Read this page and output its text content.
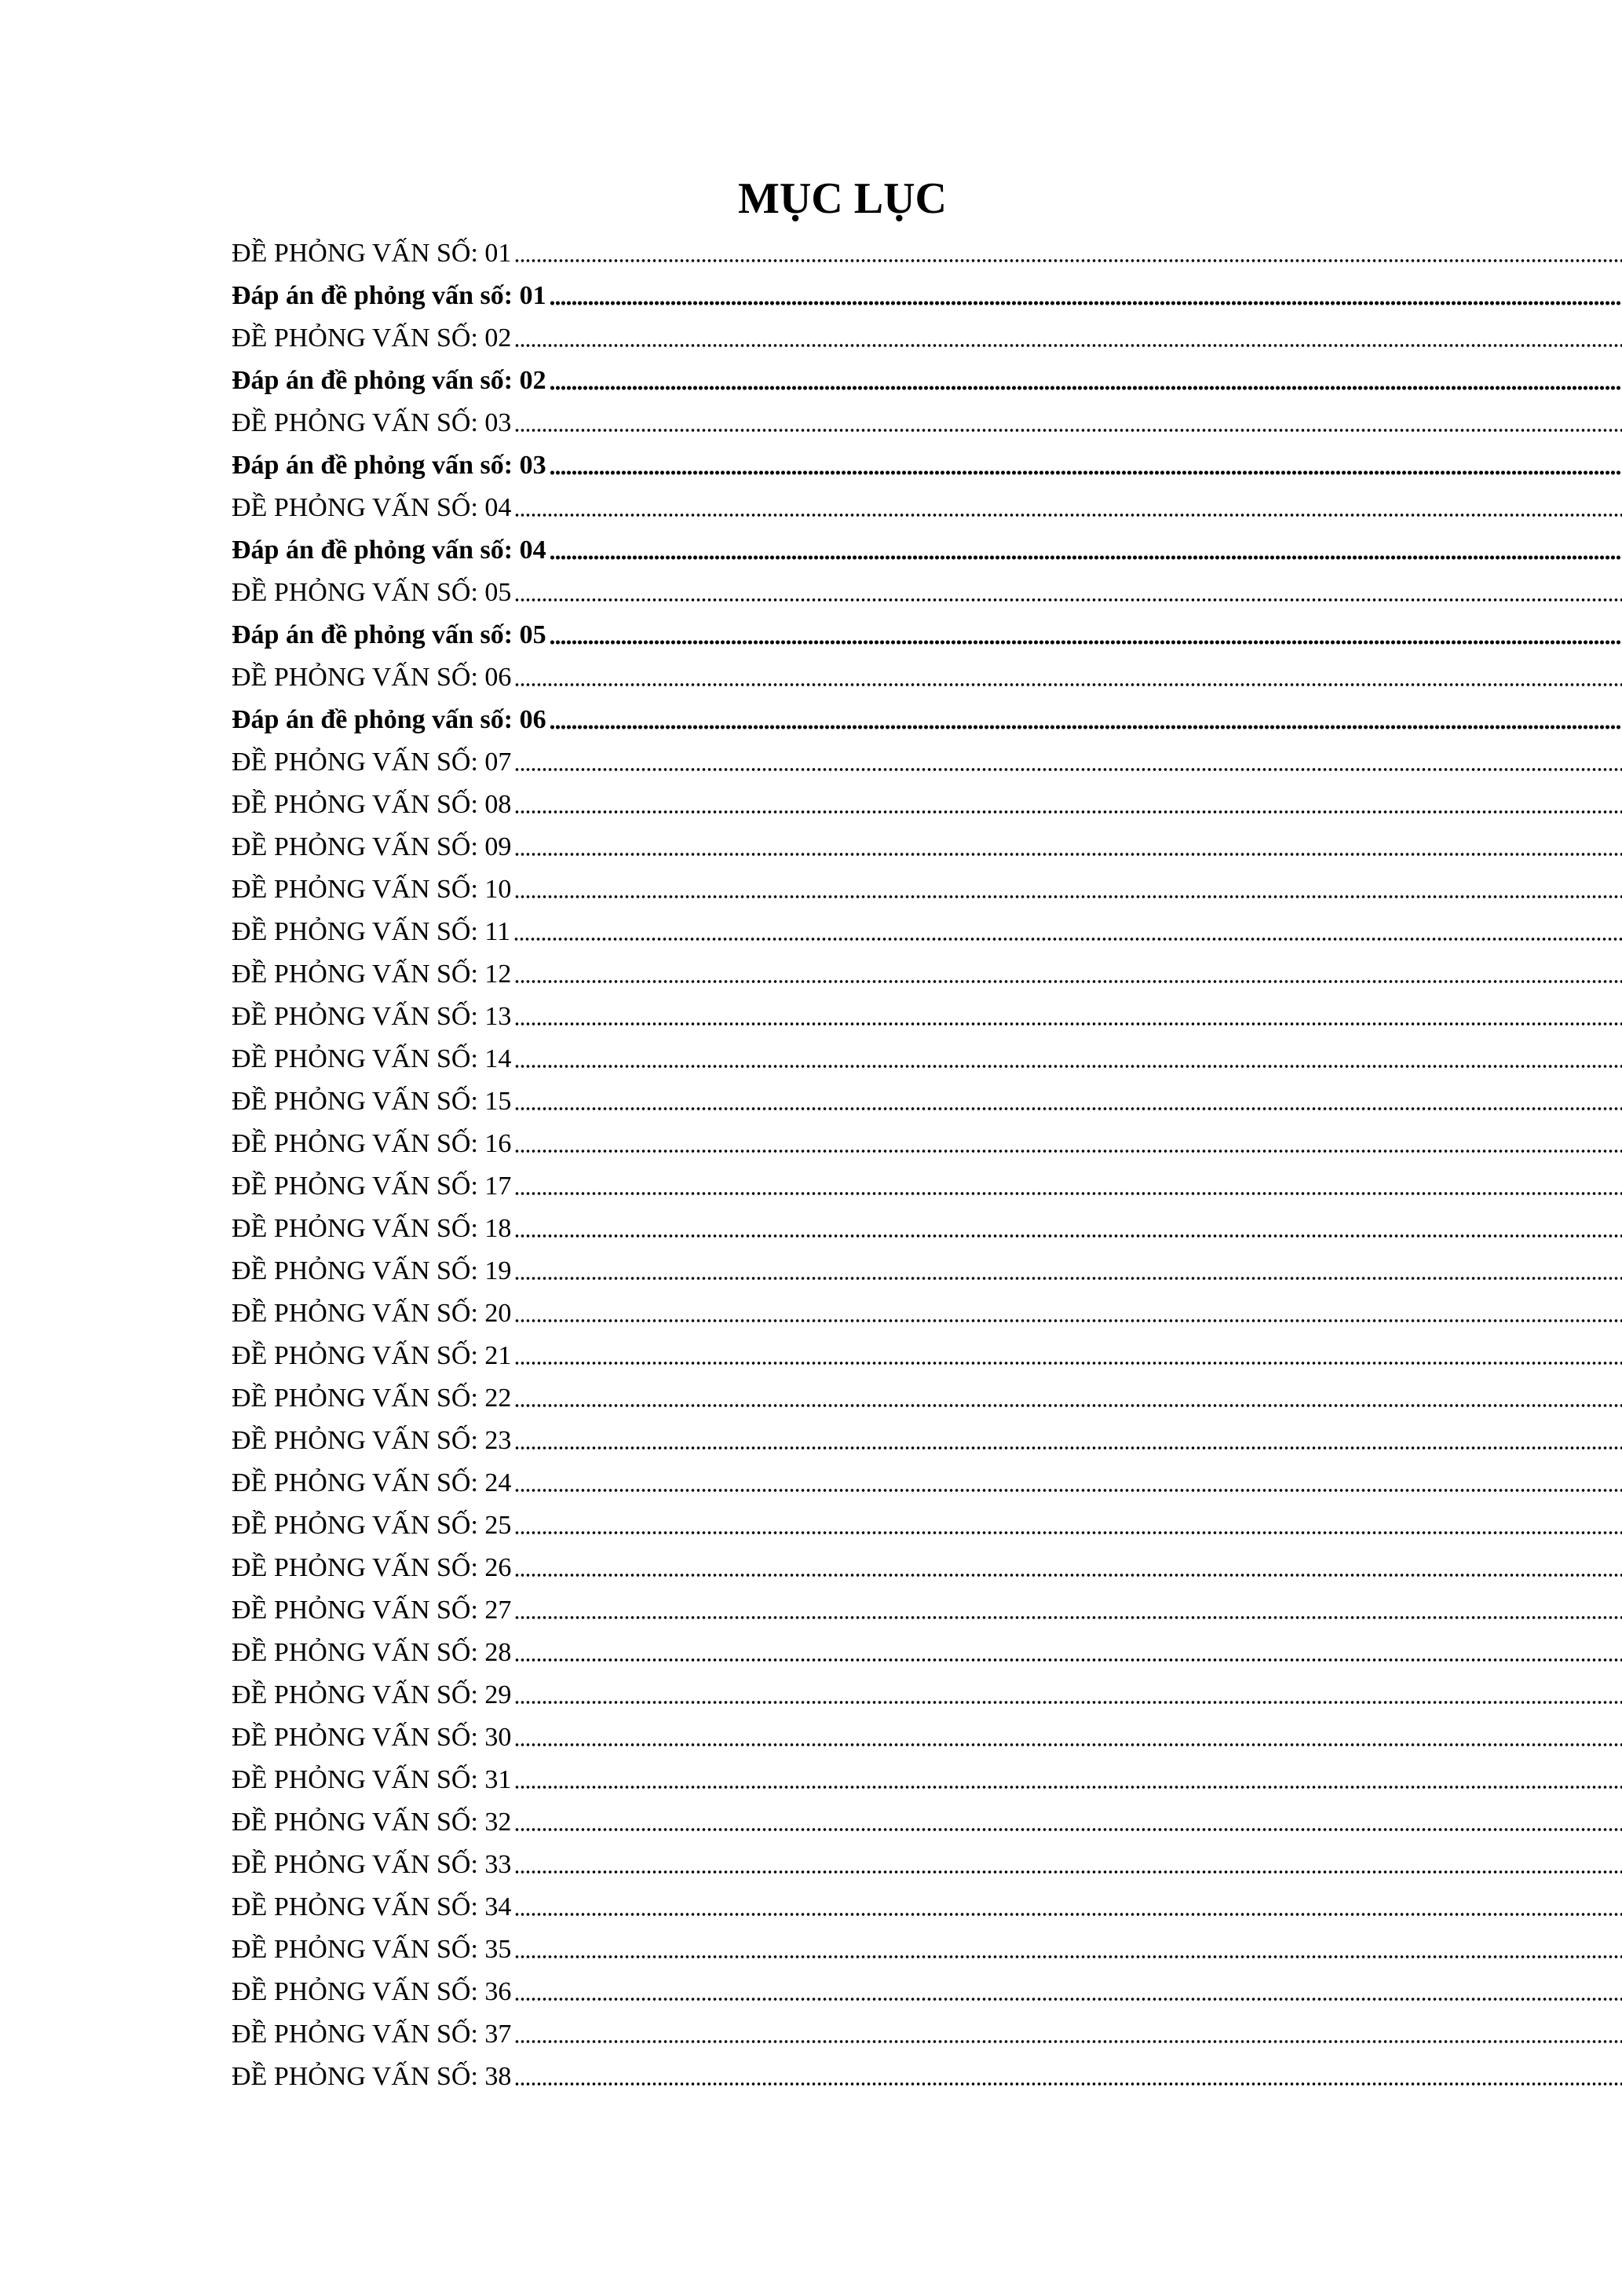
MỤC LỤC
ĐỀ PHỎNG VẤN SỐ: 01
Đáp án đề phỏng vấn số: 01
ĐỀ PHỎNG VẤN SỐ: 02
Đáp án đề phỏng vấn số: 02
ĐỀ PHỎNG VẤN SỐ: 03
Đáp án đề phỏng vấn số: 03
ĐỀ PHỎNG VẤN SỐ: 04
Đáp án đề phỏng vấn số: 04
ĐỀ PHỎNG VẤN SỐ: 05
Đáp án đề phỏng vấn số: 05
ĐỀ PHỎNG VẤN SỐ: 06
Đáp án đề phỏng vấn số: 06
ĐỀ PHỎNG VẤN SỐ: 07
ĐỀ PHỎNG VẤN SỐ: 08
ĐỀ PHỎNG VẤN SỐ: 09
ĐỀ PHỎNG VẤN SỐ: 10
ĐỀ PHỎNG VẤN SỐ: 11
ĐỀ PHỎNG VẤN SỐ: 12
ĐỀ PHỎNG VẤN SỐ: 13
ĐỀ PHỎNG VẤN SỐ: 14
ĐỀ PHỎNG VẤN SỐ: 15
ĐỀ PHỎNG VẤN SỐ: 16
ĐỀ PHỎNG VẤN SỐ: 17
ĐỀ PHỎNG VẤN SỐ: 18
ĐỀ PHỎNG VẤN SỐ: 19
ĐỀ PHỎNG VẤN SỐ: 20
ĐỀ PHỎNG VẤN SỐ: 21
ĐỀ PHỎNG VẤN SỐ: 22
ĐỀ PHỎNG VẤN SỐ: 23
ĐỀ PHỎNG VẤN SỐ: 24
ĐỀ PHỎNG VẤN SỐ: 25
ĐỀ PHỎNG VẤN SỐ: 26
ĐỀ PHỎNG VẤN SỐ: 27
ĐỀ PHỎNG VẤN SỐ: 28
ĐỀ PHỎNG VẤN SỐ: 29
ĐỀ PHỎNG VẤN SỐ: 30
ĐỀ PHỎNG VẤN SỐ: 31
ĐỀ PHỎNG VẤN SỐ: 32
ĐỀ PHỎNG VẤN SỐ: 33
ĐỀ PHỎNG VẤN SỐ: 34
ĐỀ PHỎNG VẤN SỐ: 35
ĐỀ PHỎNG VẤN SỐ: 36
ĐỀ PHỎNG VẤN SỐ: 37
ĐỀ PHỎNG VẤN SỐ: 38
